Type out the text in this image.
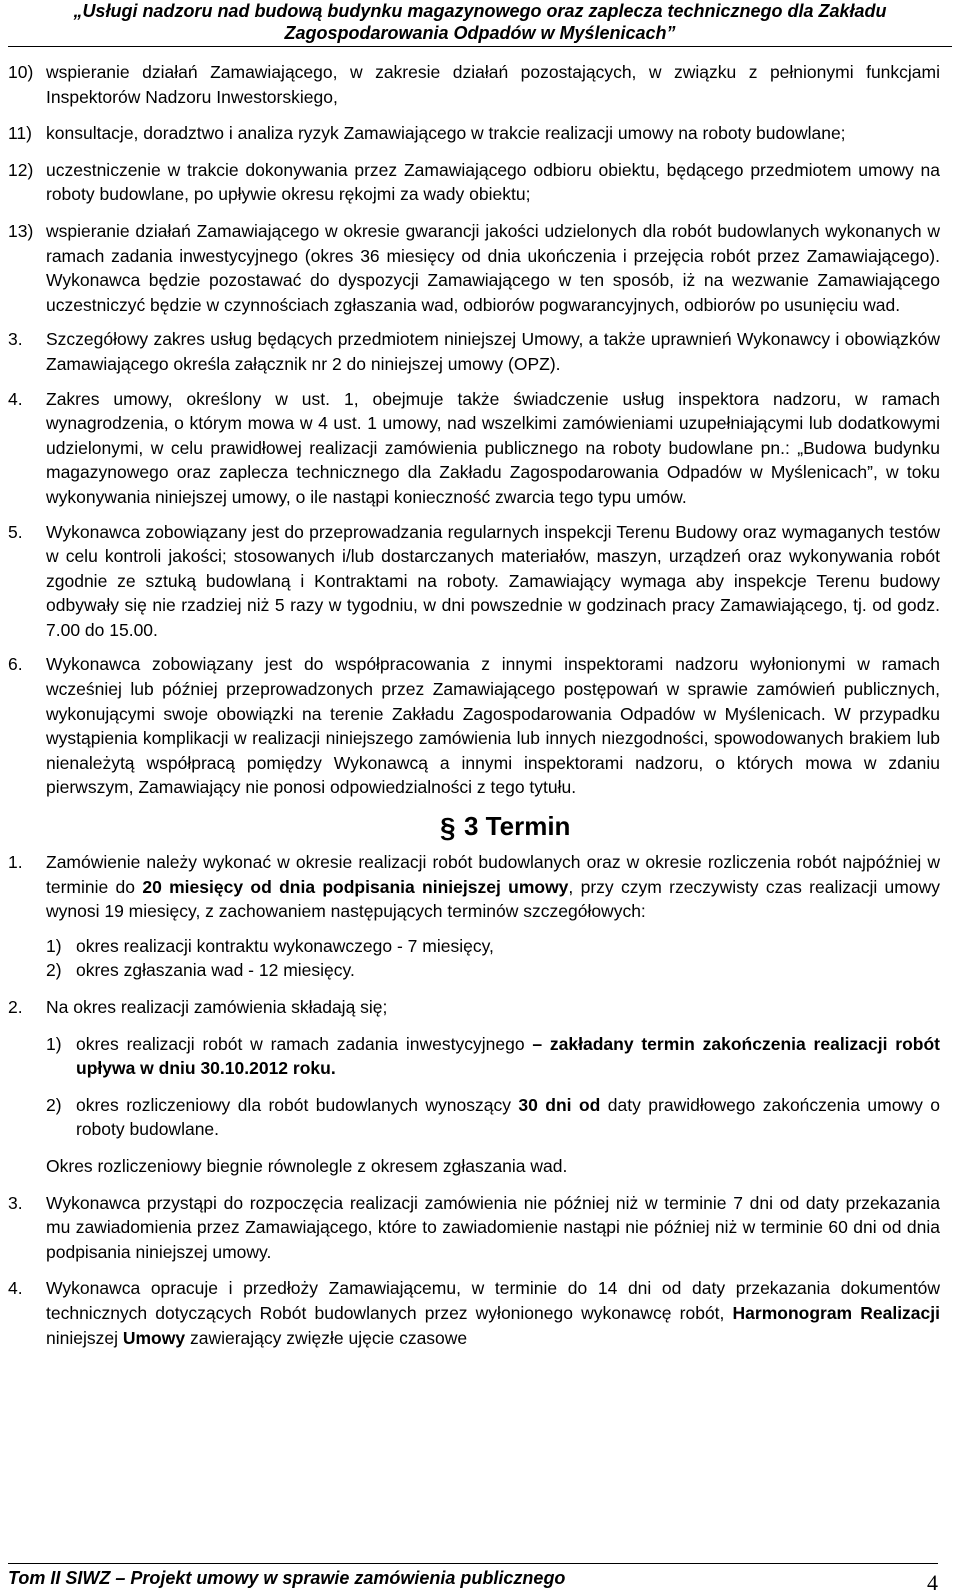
„Usługi nadzoru nad budową budynku magazynowego oraz zaplecza technicznego dla Zakładu
Zagospodarowania Odpadów w Myślenicach”
10) wspieranie działań Zamawiającego, w zakresie działań pozostających, w związku z pełnionymi funkcjami Inspektorów Nadzoru Inwestorskiego,
11) konsultacje, doradztwo i analiza ryzyk Zamawiającego w trakcie realizacji umowy na roboty budowlane;
12) uczestniczenie w trakcie dokonywania przez Zamawiającego odbioru obiektu, będącego przedmiotem umowy na roboty budowlane, po upływie okresu rękojmi za wady obiektu;
13) wspieranie działań Zamawiającego w okresie gwarancji jakości udzielonych dla robót budowlanych wykonanych w ramach zadania inwestycyjnego (okres 36 miesięcy od dnia ukończenia i przejęcia robót przez Zamawiającego). Wykonawca będzie pozostawać do dyspozycji Zamawiającego w ten sposób, iż na wezwanie Zamawiającego uczestniczyć będzie w czynnościach zgłaszania wad, odbiorów pogwarancyjnych, odbiorów po usunięciu wad.
3. Szczegółowy zakres usług będących przedmiotem niniejszej Umowy, a także uprawnień Wykonawcy i obowiązków Zamawiającego określa załącznik nr 2 do niniejszej umowy (OPZ).
4. Zakres umowy, określony w ust. 1, obejmuje także świadczenie usług inspektora nadzoru, w ramach wynagrodzenia, o którym mowa w 4 ust. 1 umowy, nad wszelkimi zamówieniami uzupełniającymi lub dodatkowymi udzielonymi, w celu prawidłowej realizacji zamówienia publicznego na roboty budowlane pn.: „Budowa budynku magazynowego oraz zaplecza technicznego dla Zakładu Zagospodarowania Odpadów w Myślenicach”, w toku wykonywania niniejszej umowy, o ile nastąpi konieczność zwarcia tego typu umów.
5. Wykonawca zobowiązany jest do przeprowadzania regularnych inspekcji Terenu Budowy oraz wymaganych testów w celu kontroli jakości; stosowanych i/lub dostarczanych materiałów, maszyn, urządzeń oraz wykonywania robót zgodnie ze sztuką budowlaną i Kontraktami na roboty. Zamawiający wymaga aby inspekcje Terenu budowy odbywały się nie rzadziej niż 5 razy w tygodniu, w dni powszednie w godzinach pracy Zamawiającego, tj. od godz. 7.00 do 15.00.
6. Wykonawca zobowiązany jest do współpracowania z innymi inspektorami nadzoru wyłonionymi w ramach wcześniej lub później przeprowadzonych przez Zamawiającego postępowań w sprawie zamówień publicznych, wykonującymi swoje obowiązki na terenie Zakładu Zagospodarowania Odpadów w Myślenicach. W przypadku wystąpienia komplikacji w realizacji niniejszego zamówienia lub innych niezgodności, spowodowanych brakiem lub nienależytą współpracą pomiędzy Wykonawcą a innymi inspektorami nadzoru, o których mowa w zdaniu pierwszym, Zamawiający nie ponosi odpowiedzialności z tego tytułu.
§ 3 Termin
1. Zamówienie należy wykonać w okresie realizacji robót budowlanych oraz w okresie rozliczenia robót najpóźniej w terminie do 20 miesięcy od dnia podpisania niniejszej umowy, przy czym rzeczywisty czas realizacji umowy wynosi 19 miesięcy, z zachowaniem następujących terminów szczegółowych:
1) okres realizacji kontraktu wykonawczego - 7 miesięcy,
2) okres zgłaszania wad - 12 miesięcy.
2. Na okres realizacji zamówienia składają się;
1) okres realizacji robót w ramach zadania inwestycyjnego – zakładany termin zakończenia realizacji robót upływa w dniu 30.10.2012 roku.
2) okres rozliczeniowy dla robót budowlanych wynoszący 30 dni od daty prawidłowego zakończenia umowy o roboty budowlane.
Okres rozliczeniowy biegnie równolegle z okresem zgłaszania wad.
3. Wykonawca przystąpi do rozpoczęcia realizacji zamówienia nie później niż w terminie 7 dni od daty przekazania mu zawiadomienia przez Zamawiającego, które to zawiadomienie nastąpi nie później niż w terminie 60 dni od dnia podpisania niniejszej umowy.
4. Wykonawca opracuje i przedłoży Zamawiającemu, w terminie do 14 dni od daty przekazania dokumentów technicznych dotyczących Robót budowlanych przez wyłonionego wykonawcę robót, Harmonogram Realizacji niniejszej Umowy zawierający zwięzłe ujęcie czasowe
Tom II SIWZ – Projekt umowy w sprawie zamówienia publicznego	4
